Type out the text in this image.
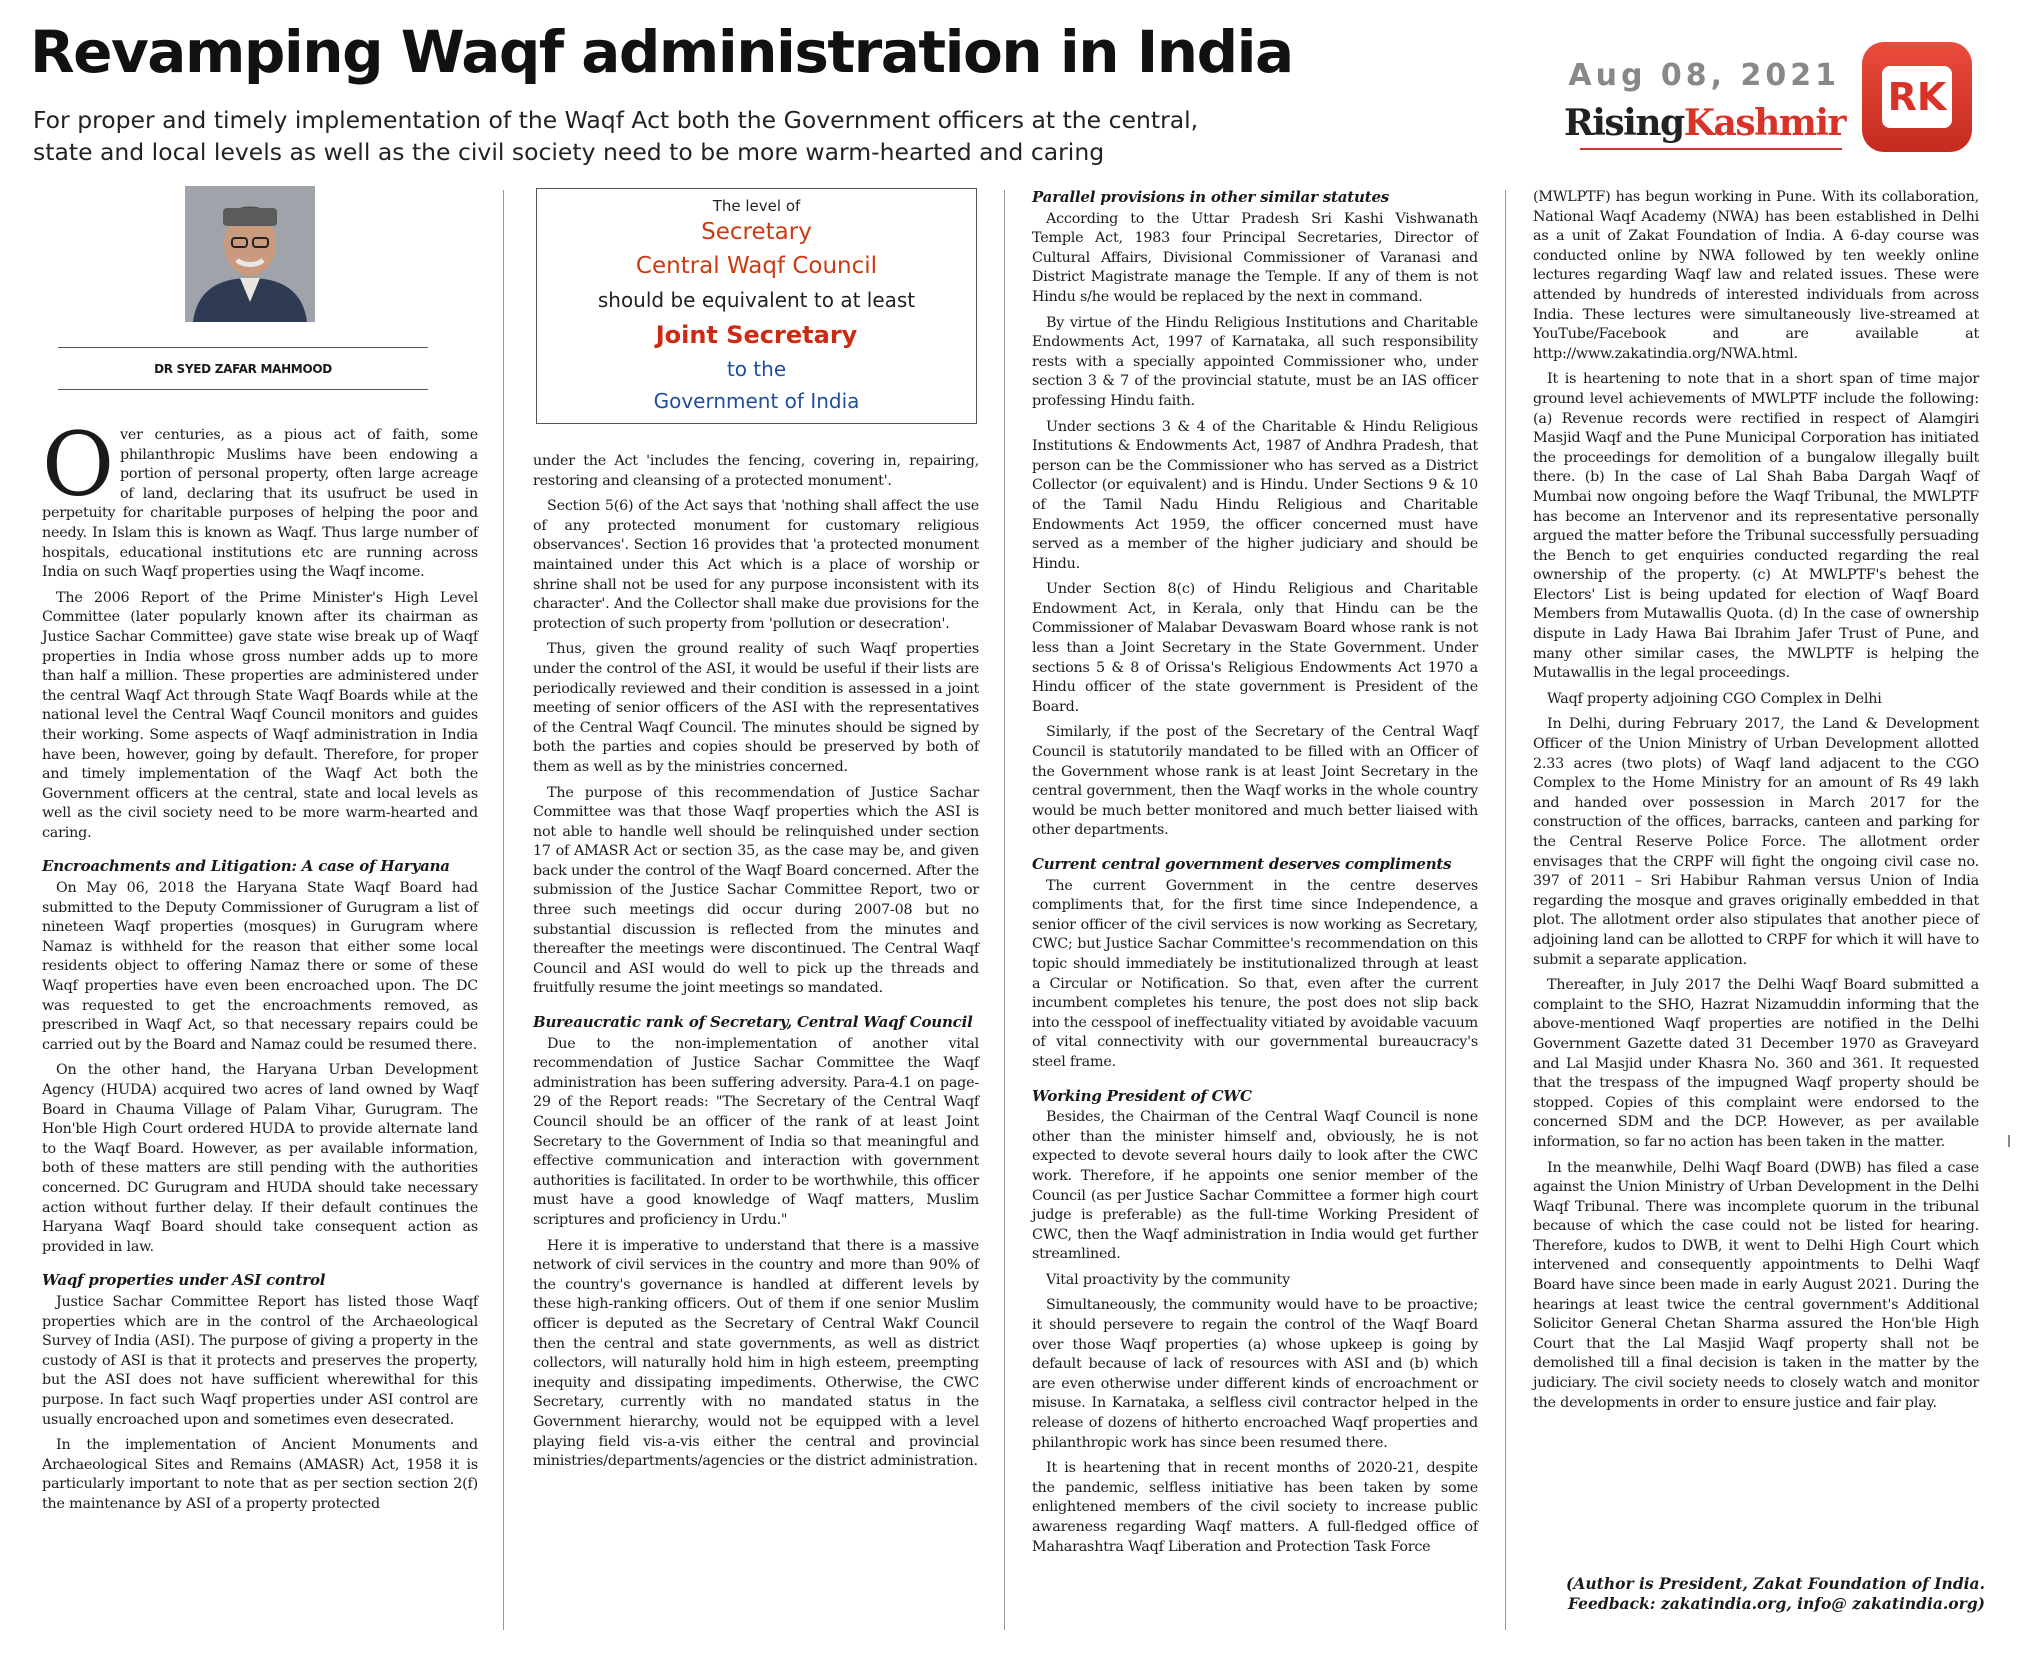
Revamping Waqf administration in India

For proper and timely implementation of the Waqf Act both the Government officers at the central, state and local levels as well as the civil society need to be more warm-hearted and caring

Aug 08, 2021
RisingKashmir
RK
DR SYED ZAFAR MAHMOOD

Over centuries, as a pious act of faith, some philanthropic Muslims have been endowing a portion of personal property, often large acreage of land, declaring that its usufruct be used in perpetuity for charitable purposes of helping the poor and needy. In Islam this is known as Waqf. Thus large number of hospitals, educational institutions etc are running across India on such Waqf properties using the Waqf income.

The 2006 Report of the Prime Minister's High Level Committee (later popularly known after its chairman as Justice Sachar Committee) gave state wise break up of Waqf properties in India whose gross number adds up to more than half a million. These properties are administered under the central Waqf Act through State Waqf Boards while at the national level the Central Waqf Council monitors and guides their working. Some aspects of Waqf administration in India have been, however, going by default. Therefore, for proper and timely implementation of the Waqf Act both the Government officers at the central, state and local levels as well as the civil society need to be more warm-hearted and caring.

Encroachments and Litigation: A case of Haryana

On May 06, 2018 the Haryana State Waqf Board had submitted to the Deputy Commissioner of Gurugram a list of nineteen Waqf properties (mosques) in Gurugram where Namaz is withheld for the reason that either some local residents object to offering Namaz there or some of these Waqf properties have even been encroached upon. The DC was requested to get the encroachments removed, as prescribed in Waqf Act, so that necessary repairs could be carried out by the Board and Namaz could be resumed there.

On the other hand, the Haryana Urban Development Agency (HUDA) acquired two acres of land owned by Waqf Board in Chauma Village of Palam Vihar, Gurugram. The Hon'ble High Court ordered HUDA to provide alternate land to the Waqf Board. However, as per available information, both of these matters are still pending with the authorities concerned. DC Gurugram and HUDA should take necessary action without further delay. If their default continues the Haryana Waqf Board should take consequent action as provided in law.

Waqf properties under ASI control

Justice Sachar Committee Report has listed those Waqf properties which are in the control of the Archaeological Survey of India (ASI). The purpose of giving a property in the custody of ASI is that it protects and preserves the property, but the ASI does not have sufficient wherewithal for this purpose. In fact such Waqf properties under ASI control are usually encroached upon and sometimes even desecrated.

In the implementation of Ancient Monuments and Archaeological Sites and Remains (AMASR) Act, 1958 it is particularly important to note that as per section section 2(f) the maintenance by ASI of a property protected

The level of
Secretary
Central Waqf Council
should be equivalent to at least
Joint Secretary
to the
Government of India

under the Act 'includes the fencing, covering in, repairing, restoring and cleansing of a protected monument'.

Section 5(6) of the Act says that 'nothing shall affect the use of any protected monument for customary religious observances'. Section 16 provides that 'a protected monument maintained under this Act which is a place of worship or shrine shall not be used for any purpose inconsistent with its character'. And the Collector shall make due provisions for the protection of such property from 'pollution or desecration'.

Thus, given the ground reality of such Waqf properties under the control of the ASI, it would be useful if their lists are periodically reviewed and their condition is assessed in a joint meeting of senior officers of the ASI with the representatives of the Central Waqf Council. The minutes should be signed by both the parties and copies should be preserved by both of them as well as by the ministries concerned.

The purpose of this recommendation of Justice Sachar Committee was that those Waqf properties which the ASI is not able to handle well should be relinquished under section 17 of AMASR Act or section 35, as the case may be, and given back under the control of the Waqf Board concerned. After the submission of the Justice Sachar Committee Report, two or three such meetings did occur during 2007-08 but no substantial discussion is reflected from the minutes and thereafter the meetings were discontinued. The Central Waqf Council and ASI would do well to pick up the threads and fruitfully resume the joint meetings so mandated.

Bureaucratic rank of Secretary, Central Waqf Council

Due to the non-implementation of another vital recommendation of Justice Sachar Committee the Waqf administration has been suffering adversity. Para-4.1 on page-29 of the Report reads: "The Secretary of the Central Waqf Council should be an officer of the rank of at least Joint Secretary to the Government of India so that meaningful and effective communication and interaction with government authorities is facilitated. In order to be worthwhile, this officer must have a good knowledge of Waqf matters, Muslim scriptures and proficiency in Urdu."

Here it is imperative to understand that there is a massive network of civil services in the country and more than 90% of the country's governance is handled at different levels by these high-ranking officers. Out of them if one senior Muslim officer is deputed as the Secretary of Central Wakf Council then the central and state governments, as well as district collectors, will naturally hold him in high esteem, preempting inequity and dissipating impediments. Otherwise, the CWC Secretary, currently with no mandated status in the Government hierarchy, would not be equipped with a level playing field vis-a-vis either the central and provincial ministries/departments/agencies or the district administration.

Parallel provisions in other similar statutes

According to the Uttar Pradesh Sri Kashi Vishwanath Temple Act, 1983 four Principal Secretaries, Director of Cultural Affairs, Divisional Commissioner of Varanasi and District Magistrate manage the Temple. If any of them is not Hindu s/he would be replaced by the next in command.

By virtue of the Hindu Religious Institutions and Charitable Endowments Act, 1997 of Karnataka, all such responsibility rests with a specially appointed Commissioner who, under section 3 & 7 of the provincial statute, must be an IAS officer professing Hindu faith.

Under sections 3 & 4 of the Charitable & Hindu Religious Institutions & Endowments Act, 1987 of Andhra Pradesh, that person can be the Commissioner who has served as a District Collector (or equivalent) and is Hindu. Under Sections 9 & 10 of the Tamil Nadu Hindu Religious and Charitable Endowments Act 1959, the officer concerned must have served as a member of the higher judiciary and should be Hindu.

Under Section 8(c) of Hindu Religious and Charitable Endowment Act, in Kerala, only that Hindu can be the Commissioner of Malabar Devaswam Board whose rank is not less than a Joint Secretary in the State Government. Under sections 5 & 8 of Orissa's Religious Endowments Act 1970 a Hindu officer of the state government is President of the Board.

Similarly, if the post of the Secretary of the Central Waqf Council is statutorily mandated to be filled with an Officer of the Government whose rank is at least Joint Secretary in the central government, then the Waqf works in the whole country would be much better monitored and much better liaised with other departments.

Current central government deserves compliments

The current Government in the centre deserves compliments that, for the first time since Independence, a senior officer of the civil services is now working as Secretary, CWC; but Justice Sachar Committee's recommendation on this topic should immediately be institutionalized through at least a Circular or Notification. So that, even after the current incumbent completes his tenure, the post does not slip back into the cesspool of ineffectuality vitiated by avoidable vacuum of vital connectivity with our governmental bureaucracy's steel frame.

Working President of CWC

Besides, the Chairman of the Central Waqf Council is none other than the minister himself and, obviously, he is not expected to devote several hours daily to look after the CWC work. Therefore, if he appoints one senior member of the Council (as per Justice Sachar Committee a former high court judge is preferable) as the full-time Working President of CWC, then the Waqf administration in India would get further streamlined.

Vital proactivity by the community

Simultaneously, the community would have to be proactive; it should persevere to regain the control of the Waqf Board over those Waqf properties (a) whose upkeep is going by default because of lack of resources with ASI and (b) which are even otherwise under different kinds of encroachment or misuse. In Karnataka, a selfless civil contractor helped in the release of dozens of hitherto encroached Waqf properties and philanthropic work has since been resumed there.

It is heartening that in recent months of 2020-21, despite the pandemic, selfless initiative has been taken by some enlightened members of the civil society to increase public awareness regarding Waqf matters. A full-fledged office of Maharashtra Waqf Liberation and Protection Task Force

(MWLPTF) has begun working in Pune. With its collaboration, National Waqf Academy (NWA) has been established in Delhi as a unit of Zakat Foundation of India. A 6-day course was conducted online by NWA followed by ten weekly online lectures regarding Waqf law and related issues. These were attended by hundreds of interested individuals from across India. These lectures were simultaneously live-streamed at YouTube/Facebook and are available at http://www.zakatindia.org/NWA.html.

It is heartening to note that in a short span of time major ground level achievements of MWLPTF include the following: (a) Revenue records were rectified in respect of Alamgiri Masjid Waqf and the Pune Municipal Corporation has initiated the proceedings for demolition of a bungalow illegally built there. (b) In the case of Lal Shah Baba Dargah Waqf of Mumbai now ongoing before the Waqf Tribunal, the MWLPTF has become an Intervenor and its representative personally argued the matter before the Tribunal successfully persuading the Bench to get enquiries conducted regarding the real ownership of the property. (c) At MWLPTF's behest the Electors' List is being updated for election of Waqf Board Members from Mutawallis Quota. (d) In the case of ownership dispute in Lady Hawa Bai Ibrahim Jafer Trust of Pune, and many other similar cases, the MWLPTF is helping the Mutawallis in the legal proceedings.

Waqf property adjoining CGO Complex in Delhi

In Delhi, during February 2017, the Land & Development Officer of the Union Ministry of Urban Development allotted 2.33 acres (two plots) of Waqf land adjacent to the CGO Complex to the Home Ministry for an amount of Rs 49 lakh and handed over possession in March 2017 for the construction of the offices, barracks, canteen and parking for the Central Reserve Police Force. The allotment order envisages that the CRPF will fight the ongoing civil case no. 397 of 2011 – Sri Habibur Rahman versus Union of India regarding the mosque and graves originally embedded in that plot. The allotment order also stipulates that another piece of adjoining land can be allotted to CRPF for which it will have to submit a separate application.

Thereafter, in July 2017 the Delhi Waqf Board submitted a complaint to the SHO, Hazrat Nizamuddin informing that the above-mentioned Waqf properties are notified in the Delhi Government Gazette dated 31 December 1970 as Graveyard and Lal Masjid under Khasra No. 360 and 361. It requested that the trespass of the impugned Waqf property should be stopped. Copies of this complaint were endorsed to the concerned SDM and the DCP. However, as per available information, so far no action has been taken in the matter.

In the meanwhile, Delhi Waqf Board (DWB) has filed a case against the Union Ministry of Urban Development in the Delhi Waqf Tribunal. There was incomplete quorum in the tribunal because of which the case could not be listed for hearing. Therefore, kudos to DWB, it went to Delhi High Court which intervened and consequently appointments to Delhi Waqf Board have since been made in early August 2021. During the hearings at least twice the central government's Additional Solicitor General Chetan Sharma assured the Hon'ble High Court that the Lal Masjid Waqf property shall not be demolished till a final decision is taken in the matter by the judiciary. The civil society needs to closely watch and monitor the developments in order to ensure justice and fair play.

(Author is President, Zakat Foundation of India. Feedback: zakatindia.org, info@ zakatindia.org)
